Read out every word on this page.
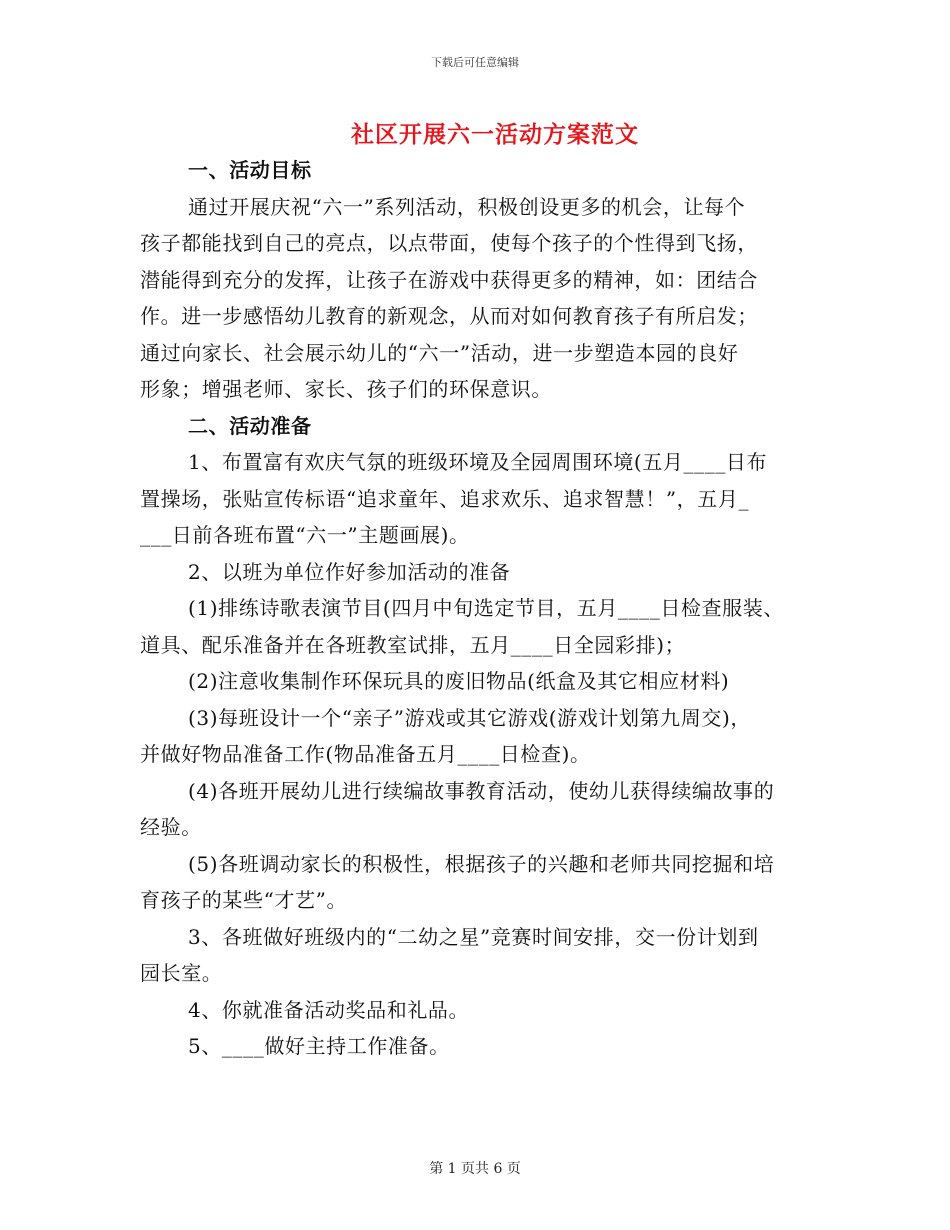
下载后可任意编辑
社区开展六一活动方案范文
一、活动目标
通过开展庆祝“六一”系列活动，积极创设更多的机会，让每个
孩子都能找到自己的亮点，以点带面，使每个孩子的个性得到飞扬，
潜能得到充分的发挥，让孩子在游戏中获得更多的精神，如：团结合
作。进一步感悟幼儿教育的新观念，从而对如何教育孩子有所启发；
通过向家长、社会展示幼儿的“六一”活动，进一步塑造本园的良好
形象；增强老师、家长、孩子们的环保意识。
二、活动准备
1、布置富有欢庆气氛的班级环境及全园周围环境(五月____日布
置操场，张贴宣传标语“追求童年、追求欢乐、追求智慧！”，五月_
___日前各班布置“六一”主题画展)。
2、以班为单位作好参加活动的准备
(1)排练诗歌表演节目(四月中旬选定节目，五月____日检查服装、
道具、配乐准备并在各班教室试排，五月____日全园彩排)；
(2)注意收集制作环保玩具的废旧物品(纸盒及其它相应材料)
(3)每班设计一个“亲子”游戏或其它游戏(游戏计划第九周交)，
并做好物品准备工作(物品准备五月____日检查)。
(4)各班开展幼儿进行续编故事教育活动，使幼儿获得续编故事的
经验。
(5)各班调动家长的积极性，根据孩子的兴趣和老师共同挖掘和培
育孩子的某些“才艺”。
3、各班做好班级内的“二幼之星”竞赛时间安排，交一份计划到
园长室。
4、你就准备活动奖品和礼品。
5、____做好主持工作准备。
第 1 页共 6 页
